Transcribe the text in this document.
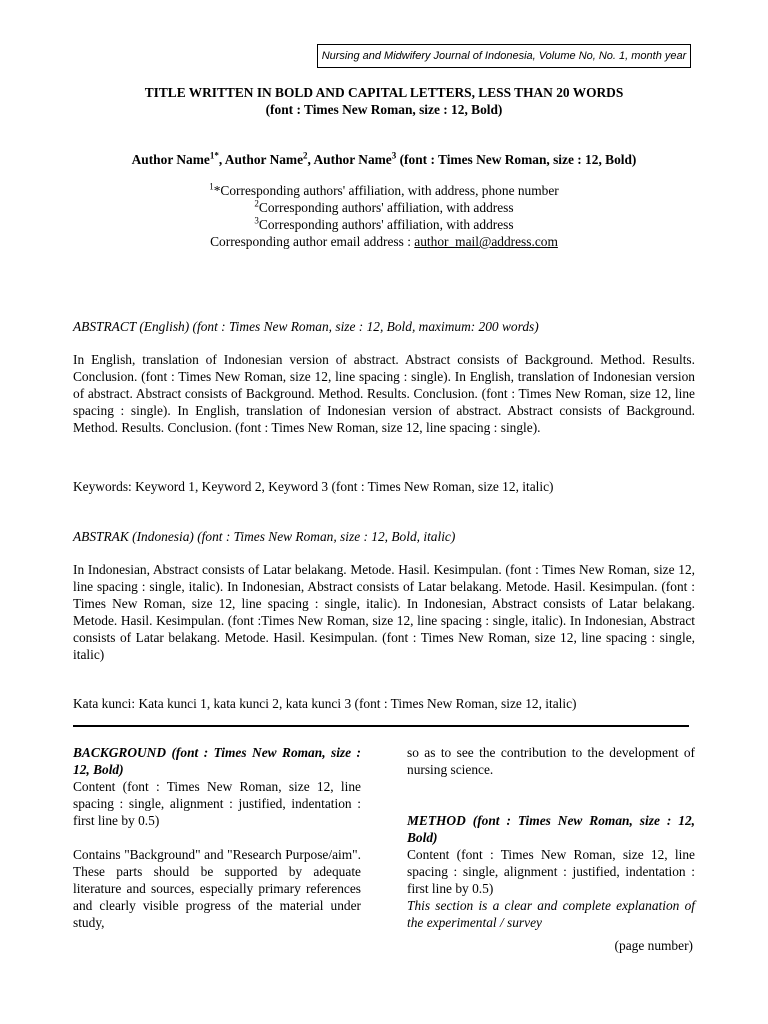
Nursing and Midwifery Journal of Indonesia, Volume No, No. 1, month year
TITLE WRITTEN IN BOLD AND CAPITAL LETTERS, LESS THAN 20 WORDS
(font : Times New Roman, size : 12, Bold)
Author Name$^{1*}$, Author Name$^2$, Author Name$^3$ (font : Times New Roman, size : 12, Bold)
$^1$*Corresponding authors' affiliation, with address, phone number
$^2$Corresponding authors' affiliation, with address
$^3$Corresponding authors' affiliation, with address
Corresponding author email address : author_mail@address.com
ABSTRACT (English) (font : Times New Roman, size : 12, Bold, maximum: 200 words)
In English, translation of Indonesian version of abstract. Abstract consists of Background. Method. Results. Conclusion. (font : Times New Roman, size 12, line spacing : single). In English, translation of Indonesian version of abstract. Abstract consists of Background. Method. Results. Conclusion. (font : Times New Roman, size 12, line spacing : single). In English, translation of Indonesian version of abstract. Abstract consists of Background. Method. Results. Conclusion. (font : Times New Roman, size 12, line spacing : single).
Keywords: Keyword 1, Keyword 2, Keyword 3 (font : Times New Roman, size 12, italic)
ABSTRAK (Indonesia) (font : Times New Roman, size : 12, Bold, italic)
In Indonesian, Abstract consists of Latar belakang. Metode. Hasil. Kesimpulan. (font : Times New Roman, size 12, line spacing : single, italic). In Indonesian, Abstract consists of Latar belakang. Metode. Hasil. Kesimpulan. (font : Times New Roman, size 12, line spacing : single, italic). In Indonesian, Abstract consists of Latar belakang. Metode. Hasil. Kesimpulan. (font :Times New Roman, size 12, line spacing : single, italic). In Indonesian, Abstract consists of Latar belakang. Metode. Hasil. Kesimpulan. (font : Times New Roman, size 12, line spacing : single, italic)
Kata kunci: Kata kunci 1, kata kunci 2, kata kunci 3 (font : Times New Roman, size 12, italic)

BACKGROUND (font : Times New Roman, size : 12, Bold)

Content (font : Times New Roman, size 12, line spacing : single, alignment : justified, indentation : first line by 0.5)

Contains "Background" and "Research Purpose/aim". These parts should be supported by adequate literature and sources, especially primary references and clearly visible progress of the material under study,

so as to see the contribution to the development of nursing science.

METHOD (font : Times New Roman, size : 12, Bold)

Content (font : Times New Roman, size 12, line spacing : single, alignment : justified, indentation : first line by 0.5)

This section is a clear and complete explanation of the experimental / survey

(page number)
